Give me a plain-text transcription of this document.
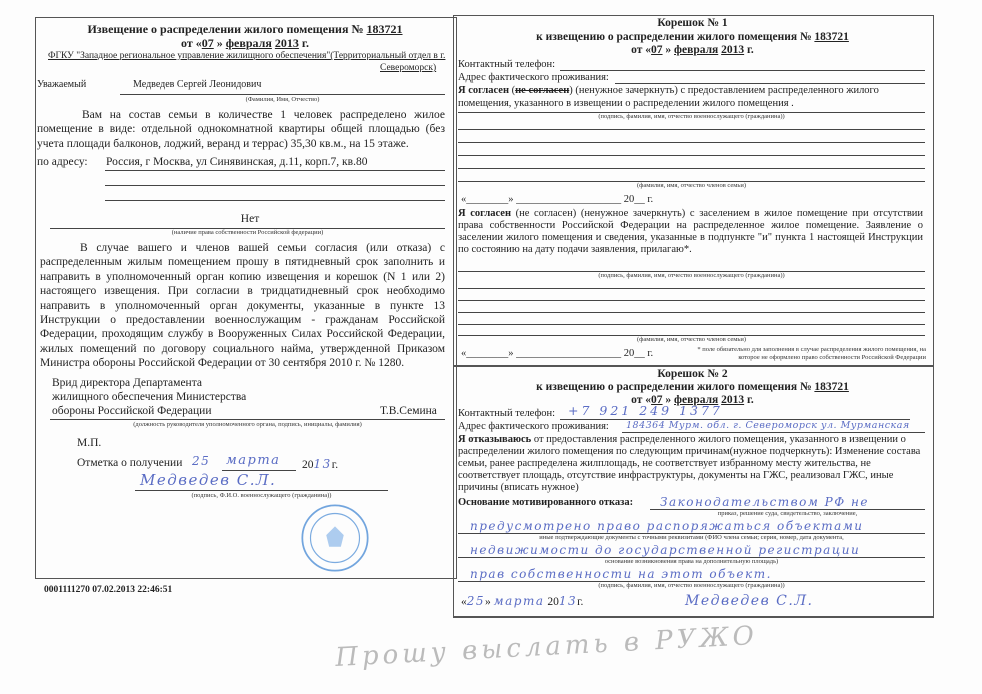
Извещение о распределении жилого помещения № 183721
от «07 » февраля 2013 г.
ФГКУ "Западное региональное управление жилищного обеспечения"(Территориальный отдел в г.
Североморск)
Уважаемый	Медведев Сергей Леонидович
(Фамилия, Имя, Отчество)
Вам на состав семьи в количестве 1 человек распределено жилое помещение в виде: отдельной однокомнатной квартиры общей площадью (без учета площади балконов, лоджий, веранд и террас) 35,30 кв.м., на 15 этаже.
по адресу: Россия, г Москва, ул Синявинская, д.11, корп.7, кв.80
Нет
(наличие права собственности Российской федерации)
В случае вашего и членов вашей семьи согласия (или отказа) с распределенным жилым помещением прошу в пятидневный срок заполнить и направить в уполномоченный орган копию извещения и корешок (N 1 или 2) настоящего извещения. При согласии в тридцатидневный срок необходимо направить в уполномоченный орган документы, указанные в пункте 13 Инструкции о предоставлении военнослужащим - гражданам Российской Федерации, проходящим службу в Вооруженных Силах Российской Федерации, жилых помещений по договору социального найма, утвержденной Приказом Министра обороны Российской Федерации от 30 сентября 2010 г. № 1280.
Врид директора Департамента
жилищного обеспечения Министерства
обороны Российской Федерации	Т.В.Семина
(должность руководителя уполномоченного органа, подпись, инициалы, фамилия)
М.П.
Отметка о получении 25 марта 2013г.
Медведев С.Л.
(подпись, Ф.И.О. военнослужащего (гражданина))
0001111270 07.02.2013 22:46:51
Корешок № 1
к извещению о распределении жилого помещения № 183721
от «07 » февраля 2013 г.
Контактный телефон:
Адрес фактического проживания:
Я согласен (не согласен) (ненужное зачеркнуть) с предоставлением распределенного жилого
помещения, указанного в извещении о распределении жилого помещения .
(подпись, фамилия, имя, отчество военнослужащего (гражданина))
(фамилия, имя, отчество членов семьи)
«________» ____________________ 20__ г.
Я согласен (не согласен) (ненужное зачеркнуть) с заселением в жилое помещение при отсутствии права собственности Российской Федерации на распределенное жилое помещение. Заявление о заселении жилого помещения и сведения, указанные в подпункте "и" пункта 1 настоящей Инструкции по состоянию на дату подачи заявления, прилагаю*.
(подпись, фамилия, имя, отчество военнослужащего (гражданина))
(фамилия, имя, отчество членов семьи)
«________» ____________________ 20__ г.	* поле обязательно для заполнения в случае распределения жилого помещения, на
которое не оформлено право собственности Российской Федерации
Корешок № 2
к извещению о распределении жилого помещения № 183721
от «07 » февраля 2013 г.
Контактный телефон: +7 921 249 1377
Адрес фактического проживания: 184364 Мурм. обл. г. Североморск ул. Мурманская
Я отказываюсь от предоставления распределенного жилого помещения, указанного в извещении о распределении жилого помещения по следующим причинам(нужное подчеркнуть): Изменение состава семьи, ранее распределена жилплощадь, не соответствует избранному месту жительства, не соответствует площадь, отсутствие инфраструктуры, документы на ГЖС, реализовал ГЖС, иные причины (вписать нужное)
Основание мотивированного отказа: Законодательством РФ не
приказ, решение суда, свидетельство, заключение,
предусмотрено право распоряжаться объектами
иные подтверждающие документы с точными реквизитами (ФИО члена семьи; серия, номер, дата документа,
недвижимости до государственной регистрации
основание возникновения права на дополнительную площадь)
прав собственности на этот объект.
(подпись, фамилия, имя, отчество военнослужащего (гражданина))
«25» марта 2013г.	Медведев С.Л.
Прошу выслать в РУЖО
